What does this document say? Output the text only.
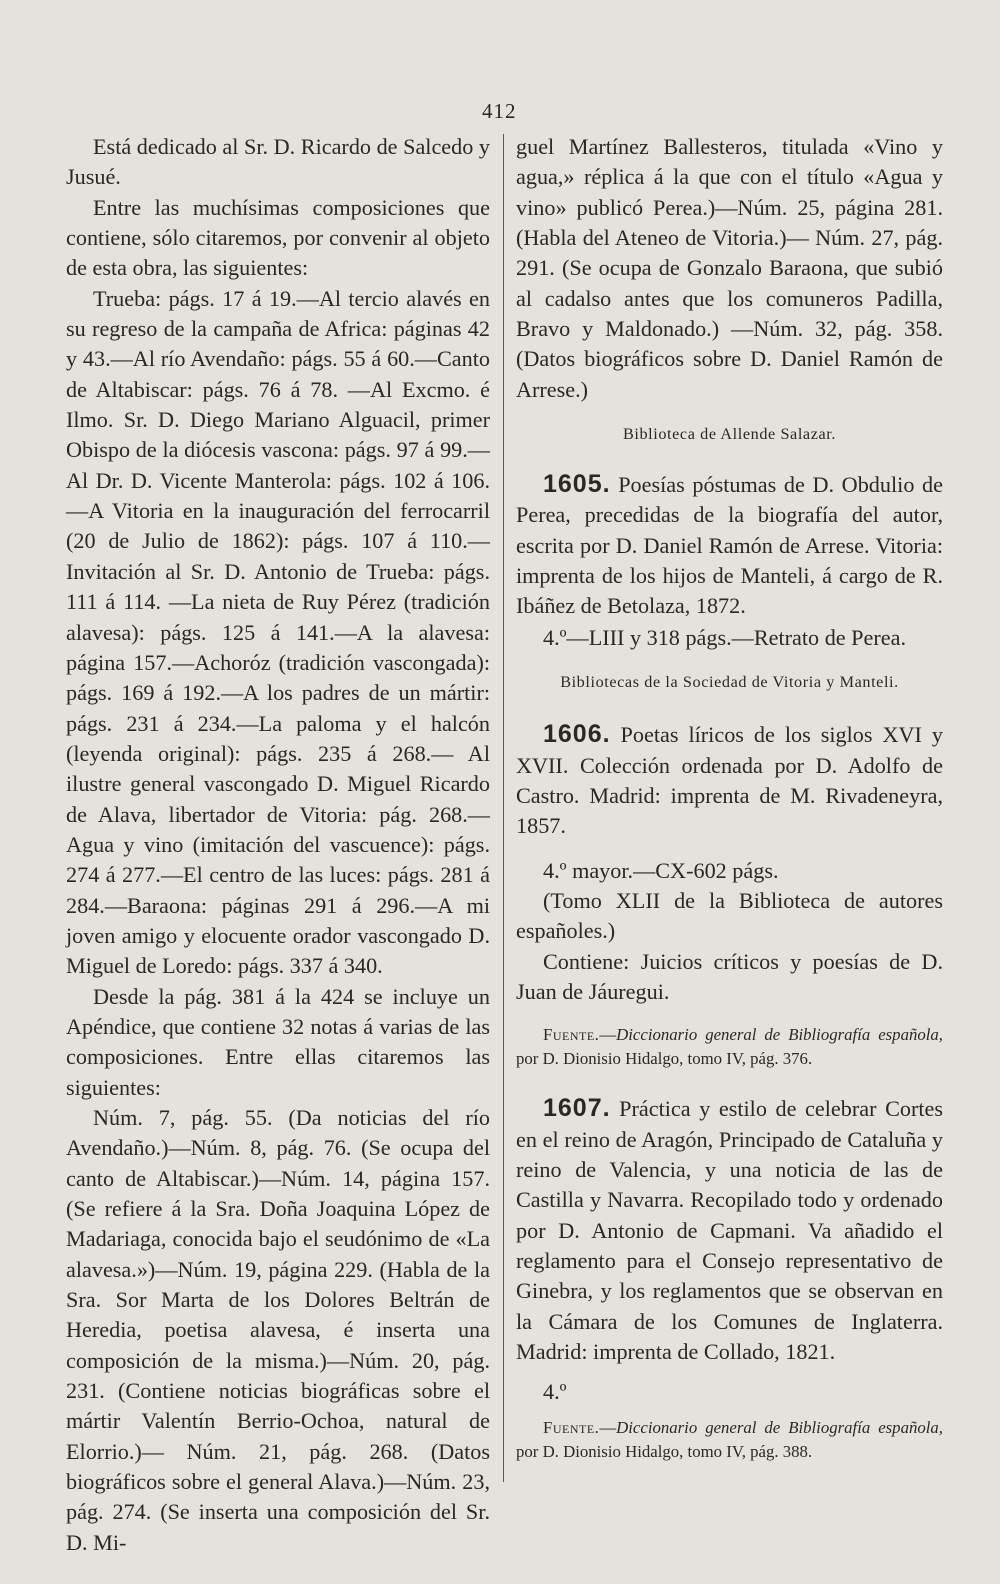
412

Está dedicado al Sr. D. Ricardo de Salcedo y Jusué.

Entre las muchísimas composiciones que contiene, sólo citaremos, por convenir al objeto de esta obra, las siguientes:

Trueba: págs. 17 á 19.—Al tercio alavés en su regreso de la campaña de Africa: páginas 42 y 43.—Al río Avendaño: págs. 55 á 60.—Canto de Altabiscar: págs. 76 á 78. —Al Excmo. é Ilmo. Sr. D. Diego Mariano Alguacil, primer Obispo de la diócesis vascona: págs. 97 á 99.—Al Dr. D. Vicente Manterola: págs. 102 á 106.—A Vitoria en la inauguración del ferrocarril (20 de Julio de 1862): págs. 107 á 110.—Invitación al Sr. D. Antonio de Trueba: págs. 111 á 114. —La nieta de Ruy Pérez (tradición alavesa): págs. 125 á 141.—A la alavesa: página 157.—Achoróz (tradición vascongada): págs. 169 á 192.—A los padres de un mártir: págs. 231 á 234.—La paloma y el halcón (leyenda original): págs. 235 á 268.— Al ilustre general vascongado D. Miguel Ricardo de Alava, libertador de Vitoria: pág. 268.—Agua y vino (imitación del vascuence): págs. 274 á 277.—El centro de las luces: págs. 281 á 284.—Baraona: páginas 291 á 296.—A mi joven amigo y elocuente orador vascongado D. Miguel de Loredo: págs. 337 á 340.

Desde la pág. 381 á la 424 se incluye un Apéndice, que contiene 32 notas á varias de las composiciones. Entre ellas citaremos las siguientes:

Núm. 7, pág. 55. (Da noticias del río Avendaño.)—Núm. 8, pág. 76. (Se ocupa del canto de Altabiscar.)—Núm. 14, página 157. (Se refiere á la Sra. Doña Joaquina López de Madariaga, conocida bajo el seudónimo de «La alavesa.»)—Núm. 19, página 229. (Habla de la Sra. Sor Marta de los Dolores Beltrán de Heredia, poetisa alavesa, é inserta una composición de la misma.)—Núm. 20, pág. 231. (Contiene noticias biográficas sobre el mártir Valentín Berrio-Ochoa, natural de Elorrio.)— Núm. 21, pág. 268. (Datos biográficos sobre el general Alava.)—Núm. 23, pág. 274. (Se inserta una composición del Sr. D. Mi-

guel Martínez Ballesteros, titulada «Vino y agua,» réplica á la que con el título «Agua y vino» publicó Perea.)—Núm. 25, página 281. (Habla del Ateneo de Vitoria.)— Núm. 27, pág. 291. (Se ocupa de Gonzalo Baraona, que subió al cadalso antes que los comuneros Padilla, Bravo y Maldonado.) —Núm. 32, pág. 358. (Datos biográficos sobre D. Daniel Ramón de Arrese.)

Biblioteca de Allende Salazar.

1605. Poesías póstumas de D. Obdulio de Perea, precedidas de la biografía del autor, escrita por D. Daniel Ramón de Arrese. Vitoria: imprenta de los hijos de Manteli, á cargo de R. Ibáñez de Betolaza, 1872.

4.º—LIII y 318 págs.—Retrato de Perea.

Bibliotecas de la Sociedad de Vitoria y Manteli.

1606. Poetas líricos de los siglos XVI y XVII. Colección ordenada por D. Adolfo de Castro. Madrid: imprenta de M. Rivadeneyra, 1857.

4.º mayor.—CX-602 págs.

(Tomo XLII de la Biblioteca de autores españoles.)

Contiene: Juicios críticos y poesías de D. Juan de Jáuregui.

Fuente.—Diccionario general de Bibliografía española, por D. Dionisio Hidalgo, tomo IV, pág. 376.

1607. Práctica y estilo de celebrar Cortes en el reino de Aragón, Principado de Cataluña y reino de Valencia, y una noticia de las de Castilla y Navarra. Recopilado todo y ordenado por D. Antonio de Capmani. Va añadido el reglamento para el Consejo representativo de Ginebra, y los reglamentos que se observan en la Cámara de los Comunes de Inglaterra. Madrid: imprenta de Collado, 1821.

4.º

Fuente.—Diccionario general de Bibliografía española, por D. Dionisio Hidalgo, tomo IV, pág. 388.
